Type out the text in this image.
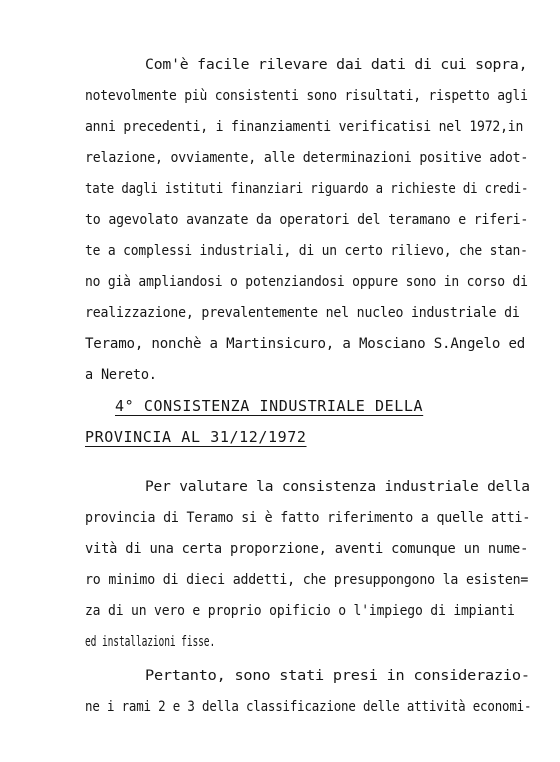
Com'è facile rilevare dai dati di cui sopra,
notevolmente più consistenti sono risultati, rispetto agli
anni precedenti, i finanziamenti verificatisi nel 1972,in
relazione, ovviamente, alle determinazioni positive adot-
tate dagli istituti finanziari riguardo a richieste di credi-
to agevolato avanzate da operatori del teramano e riferi-
te a complessi industriali, di un certo rilievo, che stan-
no già ampliandosi o potenziandosi oppure sono in corso di
realizzazione, prevalentemente nel nucleo industriale di
Teramo, nonchè a Martinsicuro, a Mosciano S.Angelo ed
a Nereto.
4° CONSISTENZA INDUSTRIALE DELLA
PROVINCIA AL 31/12/1972
Per valutare la consistenza industriale della
provincia di Teramo si è fatto riferimento a quelle atti-
vità di una certa proporzione, aventi comunque un nume-
ro minimo di dieci addetti, che presuppongono la esisten=
za di un vero e proprio opificio o l'impiego di impianti
ed installazioni fisse.
Pertanto, sono stati presi in considerazio-
ne i rami 2 e 3 della classificazione delle attività economi-
